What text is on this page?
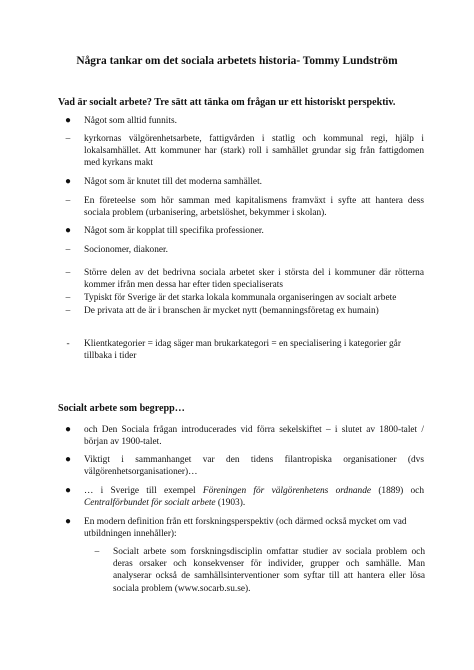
Några tankar om det sociala arbetets historia- Tommy Lundström
Vad är socialt arbete? Tre sätt att tänka om frågan ur ett historiskt perspektiv.
●	Något som alltid funnits.
–	kyrkornas välgörenhetsarbete, fattigvården i statlig och kommunal regi, hjälp i
lokalsamhället. Att kommuner har (stark) roll i samhället grundar sig från fattigdomen
med kyrkans makt
●	Något som är knutet till det moderna samhället.
–	En företeelse som hör samman med kapitalismens framväxt i syfte att hantera dess
sociala problem (urbanisering, arbetslöshet, bekymmer i skolan).
●	Något som är kopplat till specifika professioner.
–	Socionomer, diakoner.
–	Större delen av det bedrivna sociala arbetet sker i största del i kommuner där rötterna
kommer ifrån men dessa har efter tiden specialiserats
–	Typiskt för Sverige är det starka lokala kommunala organiseringen av socialt arbete
–	De privata att de är i branschen är mycket nytt (bemanningsföretag ex humain)
-	Klientkategorier = idag säger man brukarkategori = en specialisering i kategorier går
tillbaka i tider
Socialt arbete som begrepp…
●	och Den Sociala frågan introducerades vid förra sekelskiftet – i slutet av 1800-talet /
början av 1900-talet.
●	Viktigt i sammanhanget var den tidens filantropiska organisationer (dvs
välgörenhetsorganisationer)…
●	… i Sverige till exempel Föreningen för välgörenhetens ordnande (1889) och
Centralförbundet för socialt arbete (1903).
●	En modern definition från ett forskningsperspektiv (och därmed också mycket om vad
utbildningen innehåller):
–	Socialt arbete som forskningsdisciplin omfattar studier av sociala problem och
deras orsaker och konsekvenser för individer, grupper och samhälle. Man
analyserar också de samhällsinterventioner som syftar till att hantera eller lösa
sociala problem (www.socarb.su.se).
